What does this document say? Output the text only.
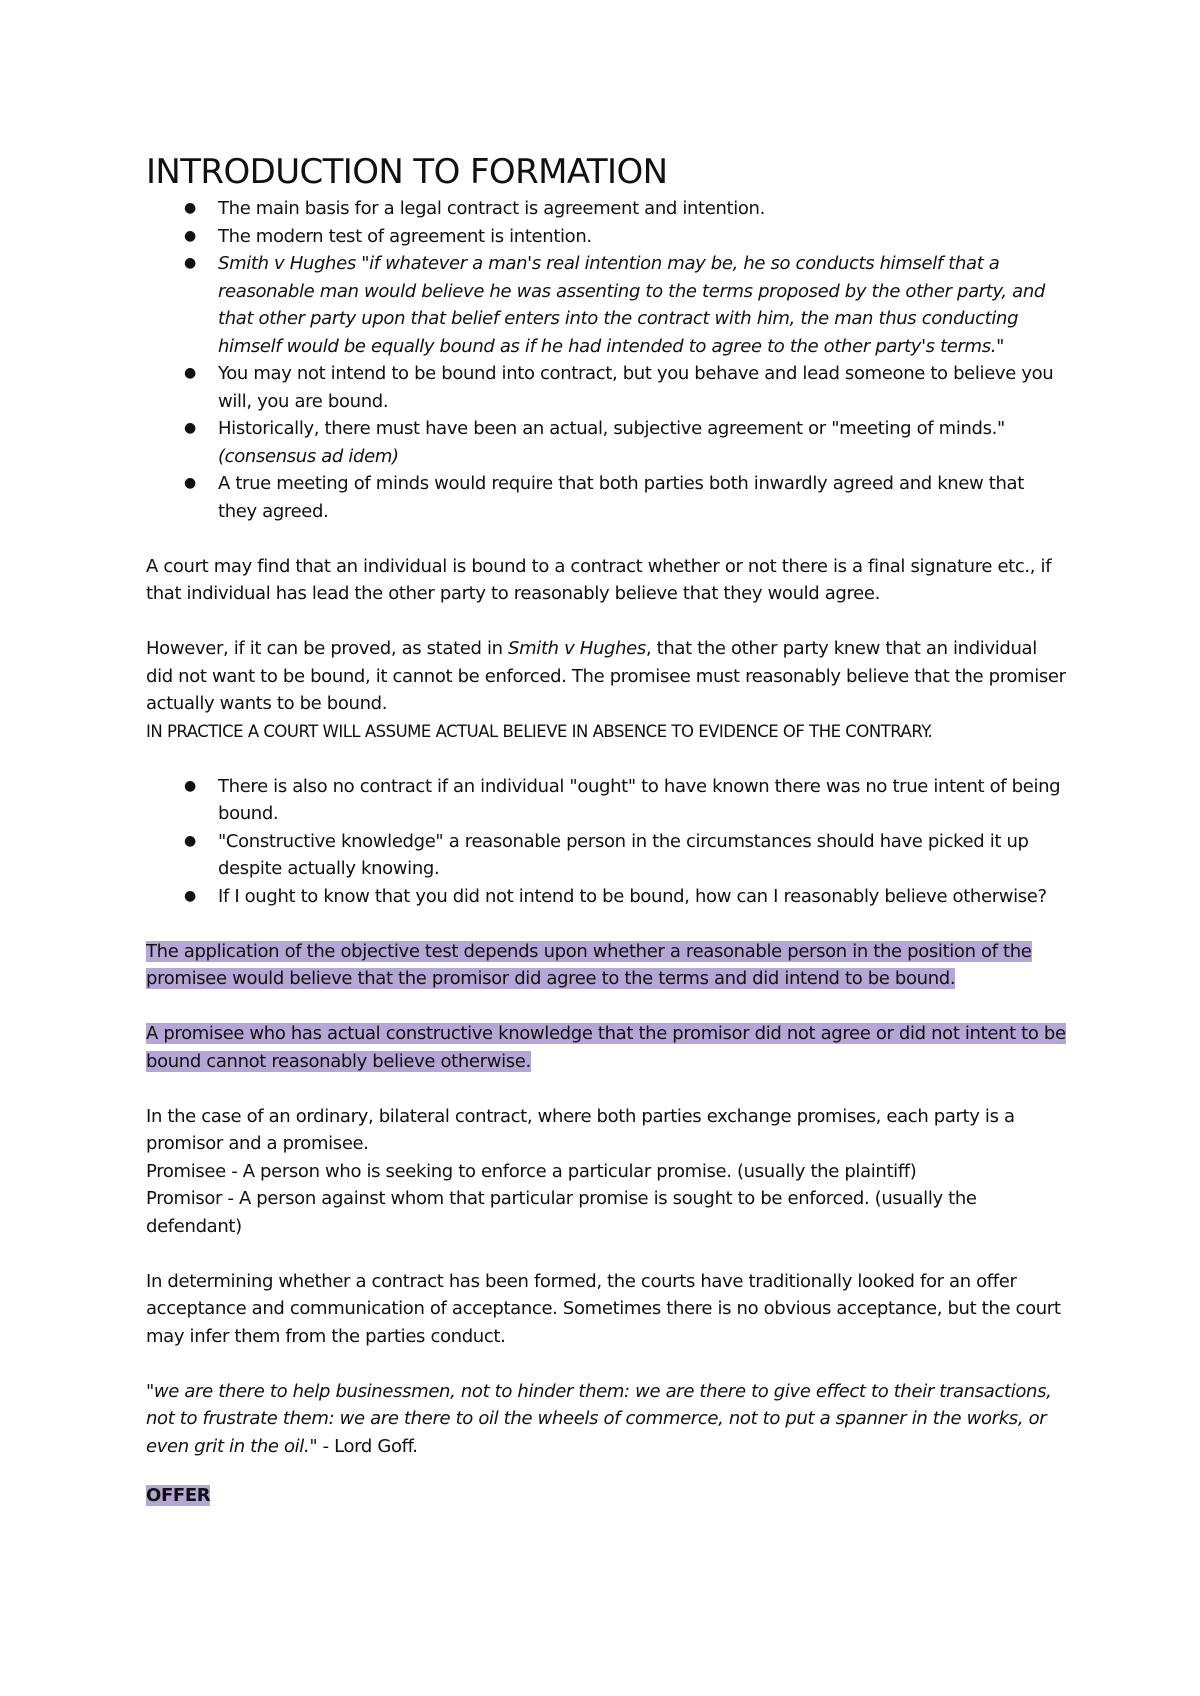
INTRODUCTION TO FORMATION
● The main basis for a legal contract is agreement and intention.
● The modern test of agreement is intention.
● Smith v Hughes "if whatever a man's real intention may be, he so conducts himself that a reasonable man would believe he was assenting to the terms proposed by the other party, and that other party upon that belief enters into the contract with him, the man thus conducting himself would be equally bound as if he had intended to agree to the other party's terms."
● You may not intend to be bound into contract, but you behave and lead someone to believe you will, you are bound.
● Historically, there must have been an actual, subjective agreement or "meeting of minds."
(consensus ad idem)
● A true meeting of minds would require that both parties both inwardly agreed and knew that they agreed.

A court may find that an individual is bound to a contract whether or not there is a final signature etc., if that individual has lead the other party to reasonably believe that they would agree.

However, if it can be proved, as stated in Smith v Hughes, that the other party knew that an individual did not want to be bound, it cannot be enforced. The promisee must reasonably believe that the promiser actually wants to be bound.

IN PRACTICE A COURT WILL ASSUME ACTUAL BELIEVE IN ABSENCE TO EVIDENCE OF THE CONTRARY.

● There is also no contract if an individual "ought" to have known there was no true intent of being bound.
● "Constructive knowledge" a reasonable person in the circumstances should have picked it up despite actually knowing.
● If I ought to know that you did not intend to be bound, how can I reasonably believe otherwise?

The application of the objective test depends upon whether a reasonable person in the position of the promisee would believe that the promisor did agree to the terms and did intend to be bound.

A promisee who has actual constructive knowledge that the promisor did not agree or did not intent to be bound cannot reasonably believe otherwise.

In the case of an ordinary, bilateral contract, where both parties exchange promises, each party is a promisor and a promisee.

Promisee - A person who is seeking to enforce a particular promise. (usually the plaintiff)

Promisor - A person against whom that particular promise is sought to be enforced. (usually the defendant)

In determining whether a contract has been formed, the courts have traditionally looked for an offer acceptance and communication of acceptance. Sometimes there is no obvious acceptance, but the court may infer them from the parties conduct.

"we are there to help businessmen, not to hinder them: we are there to give effect to their transactions, not to frustrate them: we are there to oil the wheels of commerce, not to put a spanner in the works, or even grit in the oil." - Lord Goff.

OFFER
